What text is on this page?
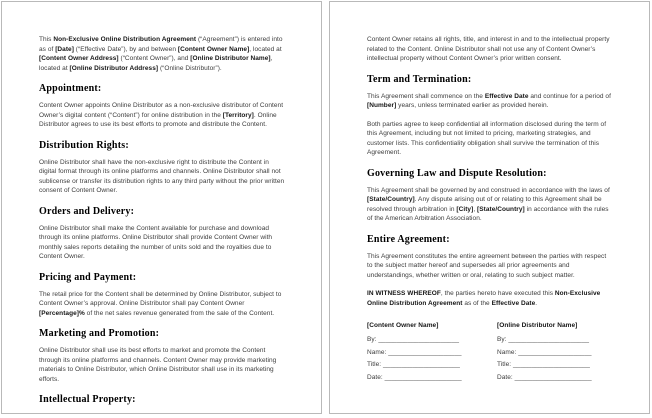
This Non-Exclusive Online Distribution Agreement (“Agreement”) is entered into as of [Date] (“Effective Date”), by and between [Content Owner Name], located at [Content Owner Address] (“Content Owner”), and [Online Distributor Name], located at [Online Distributor Address] (“Online Distributor”).

Appointment:

Content Owner appoints Online Distributor as a non-exclusive distributor of Content Owner’s digital content (“Content”) for online distribution in the [Territory]. Online Distributor agrees to use its best efforts to promote and distribute the Content.

Distribution Rights:

Online Distributor shall have the non-exclusive right to distribute the Content in digital format through its online platforms and channels. Online Distributor shall not sublicense or transfer its distribution rights to any third party without the prior written consent of Content Owner.

Orders and Delivery:

Online Distributor shall make the Content available for purchase and download through its online platforms. Online Distributor shall provide Content Owner with monthly sales reports detailing the number of units sold and the royalties due to Content Owner.

Pricing and Payment:

The retail price for the Content shall be determined by Online Distributor, subject to Content Owner’s approval. Online Distributor shall pay Content Owner [Percentage]% of the net sales revenue generated from the sale of the Content.

Marketing and Promotion:

Online Distributor shall use its best efforts to market and promote the Content through its online platforms and channels. Content Owner may provide marketing materials to Online Distributor, which Online Distributor shall use in its marketing efforts.

Intellectual Property:

Content Owner retains all rights, title, and interest in and to the intellectual property related to the Content. Online Distributor shall not use any of Content Owner’s intellectual property without Content Owner’s prior written consent.

Term and Termination:

This Agreement shall commence on the Effective Date and continue for a period of [Number] years, unless terminated earlier as provided herein.

Both parties agree to keep confidential all information disclosed during the term of this Agreement, including but not limited to pricing, marketing strategies, and customer lists. This confidentiality obligation shall survive the termination of this Agreement.

Governing Law and Dispute Resolution:

This Agreement shall be governed by and construed in accordance with the laws of [State/Country]. Any dispute arising out of or relating to this Agreement shall be resolved through arbitration in [City], [State/Country] in accordance with the rules of the American Arbitration Association.

Entire Agreement:

This Agreement constitutes the entire agreement between the parties with respect to the subject matter hereof and supersedes all prior agreements and understandings, whether written or oral, relating to such subject matter.

IN WITNESS WHEREOF, the parties hereto have executed this Non-Exclusive Online Distribution Agreement as of the Effective Date.

[Content Owner Name]
By: ______________________
Name: ____________________
Title: _____________________
Date: _____________________
[Online Distributor Name]
By: ______________________
Name: ____________________
Title: _____________________
Date: _____________________
